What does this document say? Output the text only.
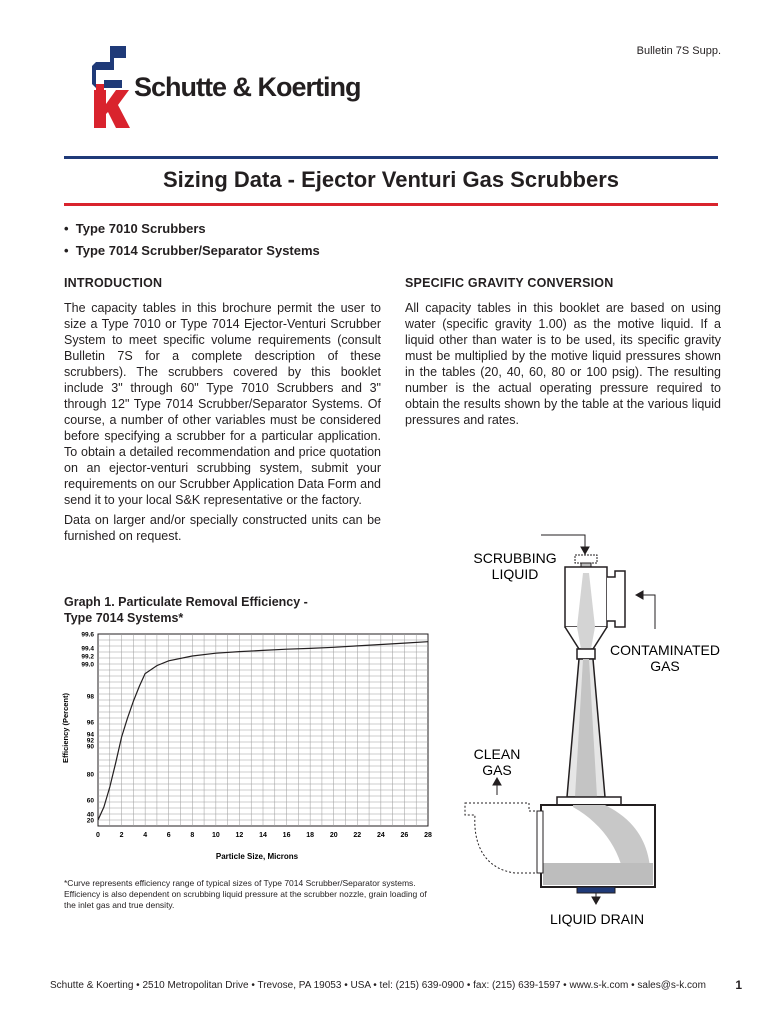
Bulletin 7S Supp.
Schutte & Koerting
Sizing Data - Ejector Venturi Gas Scrubbers
•  Type 7010 Scrubbers
•  Type 7014 Scrubber/Separator Systems
INTRODUCTION
The capacity tables in this brochure permit the user to size a Type 7010 or Type 7014 Ejector-Venturi Scrubber System to meet specific volume requirements (consult Bulletin 7S for a complete description of these scrubbers). The scrubbers covered by this booklet include 3" through 60" Type 7010 Scrubbers and 3" through 12" Type 7014 Scrubber/Separator Systems. Of course, a number of other variables must be considered before specifying a scrubber for a particular application. To obtain a detailed recommendation and price quotation on an ejector-venturi scrubbing system, submit your requirements on our Scrubber Application Data Form and send it to your local S&K representative or the factory.
Data on larger and/or specially constructed units can be furnished on request.
SPECIFIC GRAVITY CONVERSION
All capacity tables in this booklet are based on using water (specific gravity 1.00) as the motive liquid. If a liquid other than water is to be used, its specific gravity must be multiplied by the motive liquid pressures shown in the tables (20, 40, 60, 80 or 100 psig). The resulting number is the actual operating pressure required to obtain the results shown by the table at the various liquid pressures and rates.
Graph 1. Particulate Removal Efficiency -
Type 7014 Systems*
0	2	4	6	8	10 12 14 16 18 20 22 24 26 28
20
40
60
80
90
92
94
96
98
99.0
99.2
99.4
99.6
Particle Size, Microns
Efficiency (Percent)
*Curve represents efficiency range of typical sizes of Type 7014 Scrubber/Separator systems. Efficiency is also dependent on scrubbing liquid pressure at the scrubber nozzle, grain loading of the inlet gas and true density.
SCRUBBING
LIQUID
CONTAMINATED
GAS
CLEAN
GAS
LIQUID DRAIN
Schutte & Koerting • 2510 Metropolitan Drive • Trevose, PA 19053 • USA • tel: (215) 639-0900 • fax: (215) 639-1597 • www.s-k.com • sales@s-k.com 1
